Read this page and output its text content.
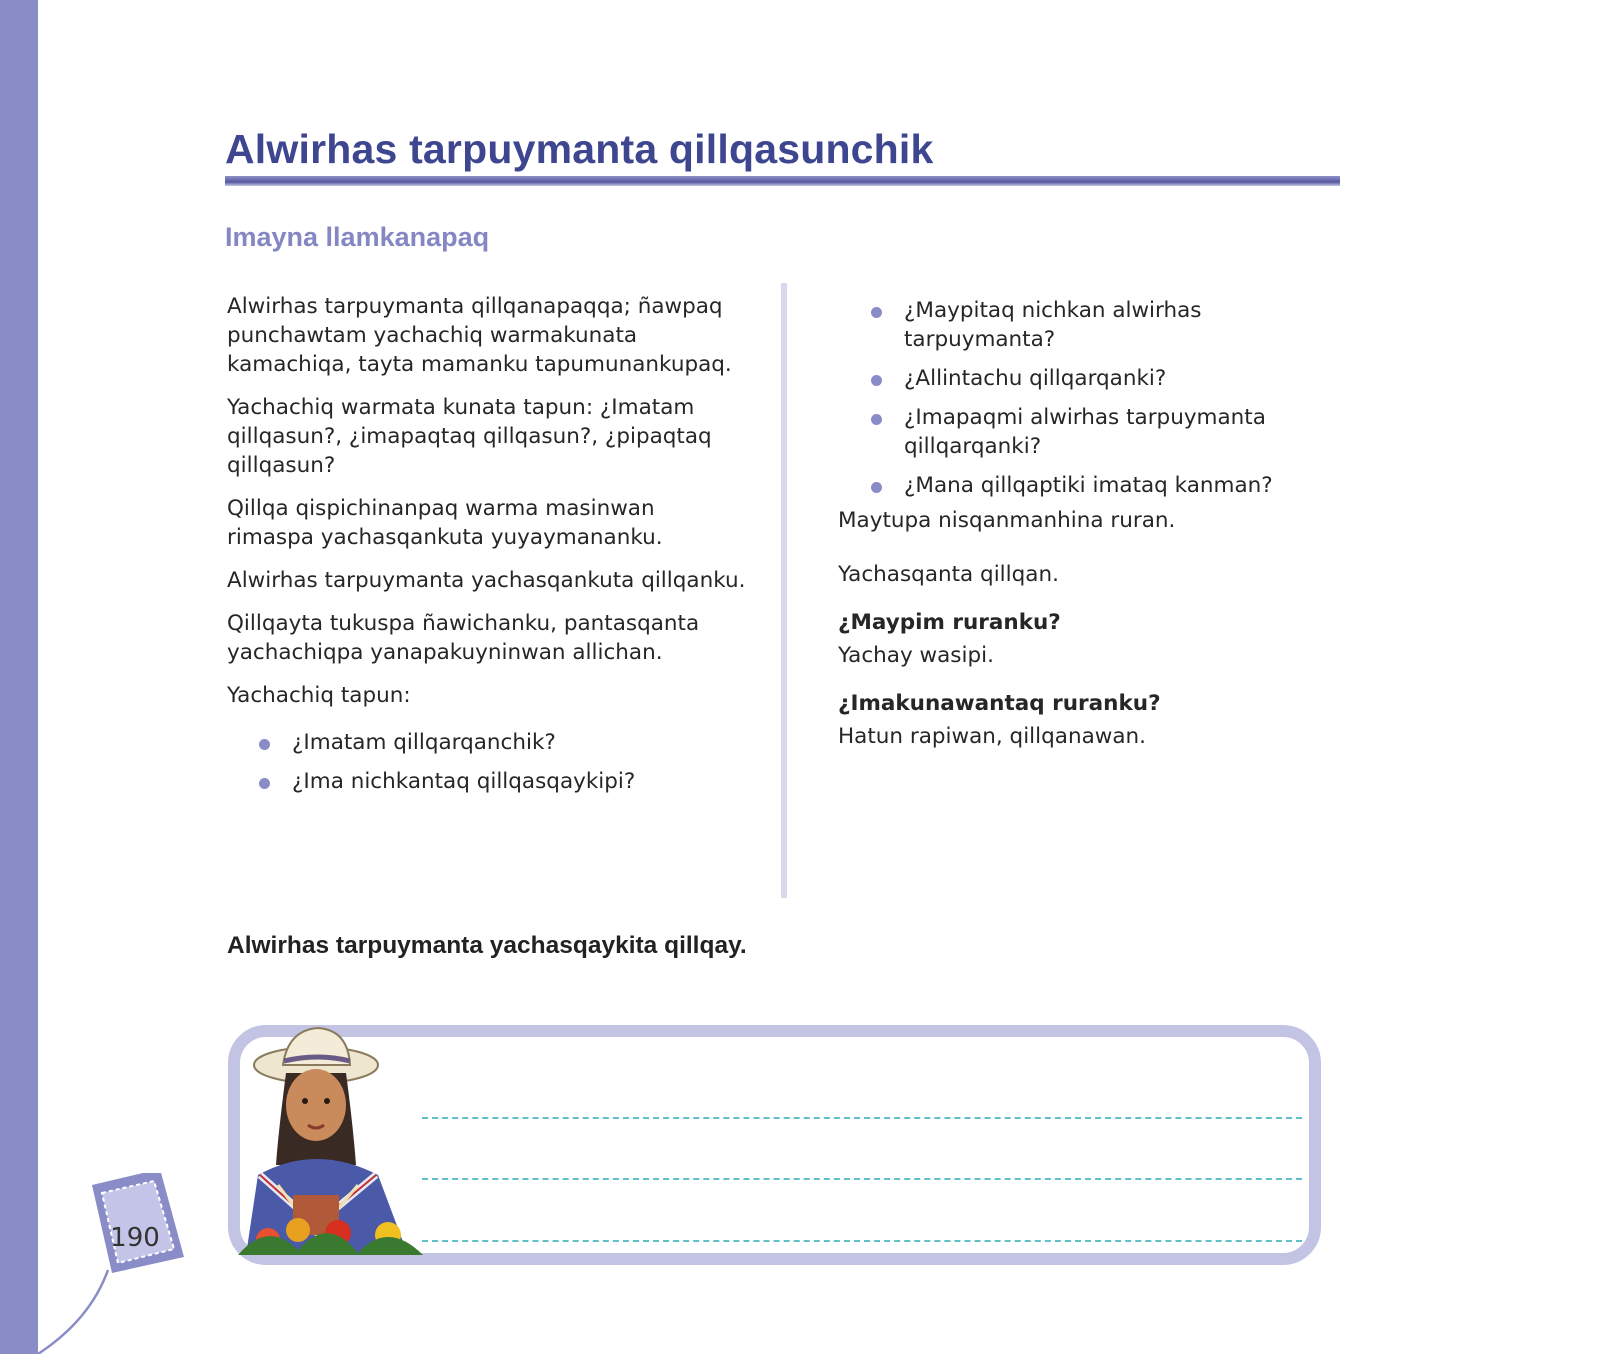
Alwirhas tarpuymanta qillqasunchik
Imayna llamkanapaq

Alwirhas tarpuymanta qillqanapaqqa; ñawpaq punchawtam yachachiq warmakunata kamachiqa, tayta mamanku tapumunankupaq.

Yachachiq warmata kunata tapun: ¿Imatam qillqasun?, ¿imapaqtaq qillqasun?, ¿pipaqtaq qillqasun?

Qillqa qispichinanpaq warma masinwan rimaspa yachasqankuta yuyaymananku.

Alwirhas tarpuymanta yachasqankuta qillqanku.

Qillqayta tukuspa ñawichanku, pantasqanta yachachiqpa yanapakuyninwan allichan.

Yachachiq tapun:

¿Imatam qillqarqanchik?
¿Ima nichkantaq qillqasqaykipi?
¿Maypitaq nichkan alwirhas tarpuymanta?
¿Allintachu qillqarqanki?
¿Imapaqmi alwirhas tarpuymanta qillqarqanki?
¿Mana qillqaptiki imataq kanman?

Maytupa nisqanmanhina ruran.

Yachasqanta qillqan.

¿Maypim ruranku?

Yachay wasipi.

¿Imakunawantaq ruranku?

Hatun rapiwan, qillqanawan.

Alwirhas tarpuymanta yachasqaykita qillqay.

190
